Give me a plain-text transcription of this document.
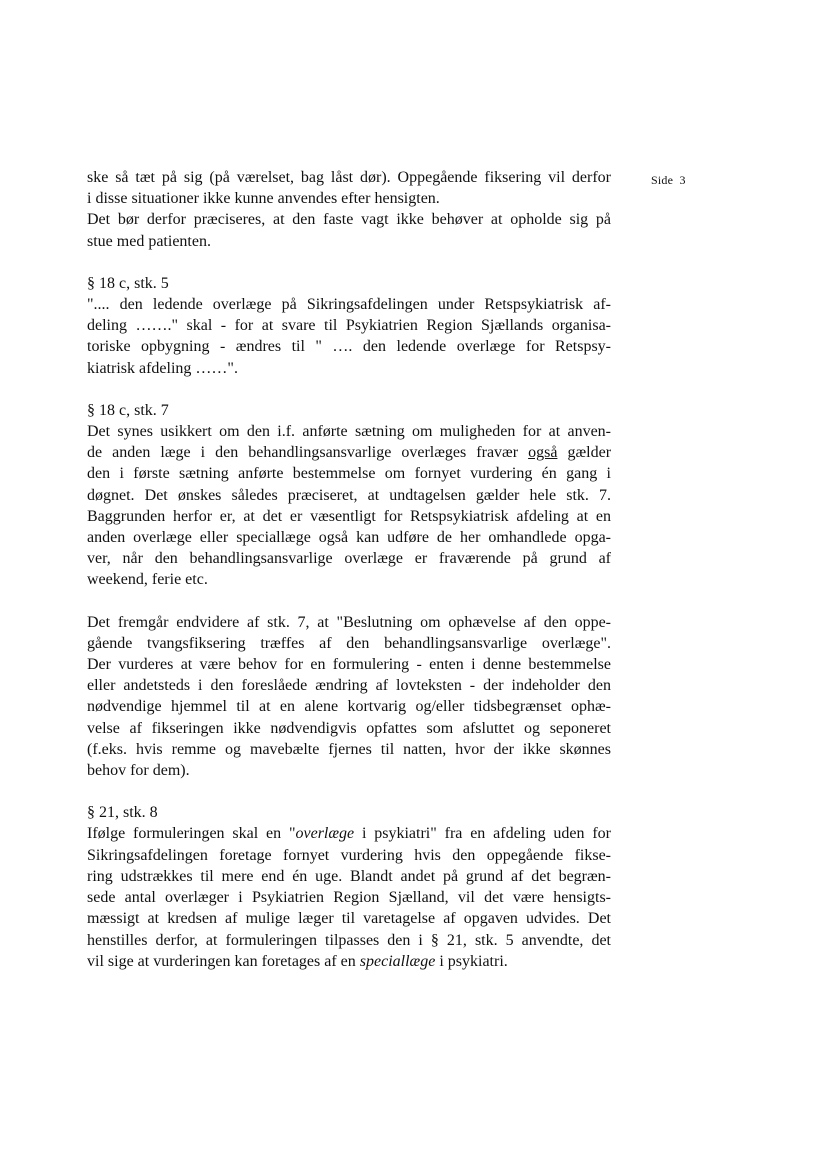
Side 3
ske så tæt på sig (på værelset, bag låst dør). Oppegående fiksering vil derfor
i disse situationer ikke kunne anvendes efter hensigten.
Det bør derfor præciseres, at den faste vagt ikke behøver at opholde sig på
stue med patienten.
§ 18 c, stk. 5
".... den ledende overlæge på Sikringsafdelingen under Retspsykiatrisk af-
deling ……." skal - for at svare til Psykiatrien Region Sjællands organisa-
toriske opbygning - ændres til " …. den ledende overlæge for Retspsy-
kiatrisk afdeling ……".
§ 18 c, stk. 7
Det synes usikkert om den i.f. anførte sætning om muligheden for at anven-
de anden læge i den behandlingsansvarlige overlæges fravær også gælder
den i første sætning anførte bestemmelse om fornyet vurdering én gang i
døgnet. Det ønskes således præciseret, at undtagelsen gælder hele stk. 7.
Baggrunden herfor er, at det er væsentligt for Retspsykiatrisk afdeling at en
anden overlæge eller speciallæge også kan udføre de her omhandlede opga-
ver, når den behandlingsansvarlige overlæge er fraværende på grund af
weekend, ferie etc.
Det fremgår endvidere af stk. 7, at "Beslutning om ophævelse af den oppe-
gående tvangsfiksering træffes af den behandlingsansvarlige overlæge".
Der vurderes at være behov for en formulering - enten i denne bestemmelse
eller andetsteds i den foreslåede ændring af lovteksten - der indeholder den
nødvendige hjemmel til at en alene kortvarig og/eller tidsbegrænset ophæ-
velse af fikseringen ikke nødvendigvis opfattes som afsluttet og seponeret
(f.eks. hvis remme og mavebælte fjernes til natten, hvor der ikke skønnes
behov for dem).
§ 21, stk. 8
Ifølge formuleringen skal en "overlæge i psykiatri" fra en afdeling uden for
Sikringsafdelingen foretage fornyet vurdering hvis den oppegående fikse-
ring udstrækkes til mere end én uge. Blandt andet på grund af det begræn-
sede antal overlæger i Psykiatrien Region Sjælland, vil det være hensigts-
mæssigt at kredsen af mulige læger til varetagelse af opgaven udvides. Det
henstilles derfor, at formuleringen tilpasses den i § 21, stk. 5 anvendte, det
vil sige at vurderingen kan foretages af en speciallæge i psykiatri.
